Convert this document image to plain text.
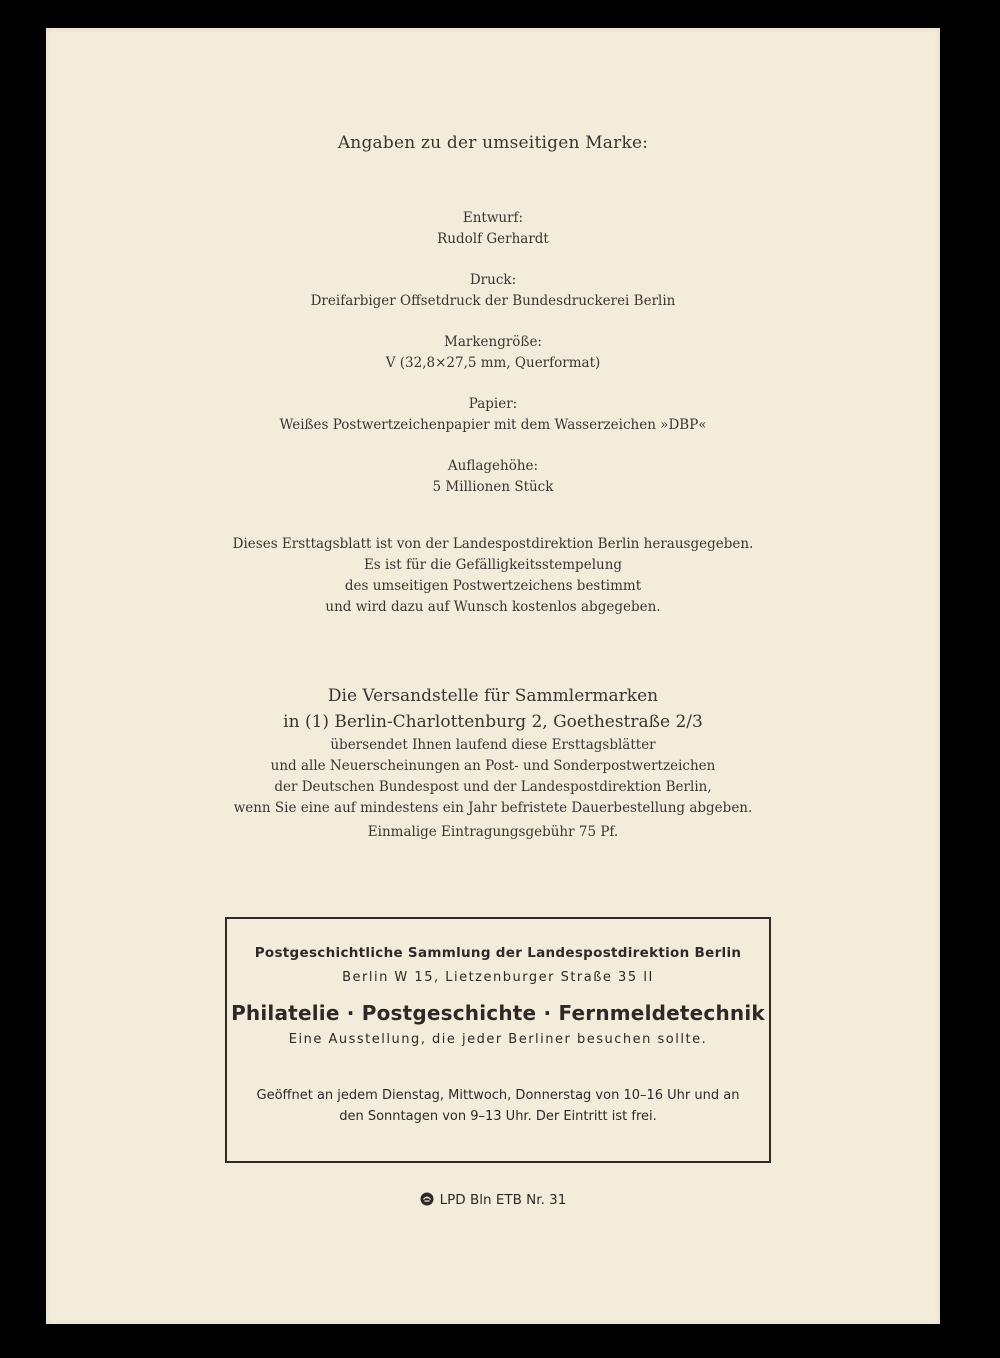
Angaben zu der umseitigen Marke:
Entwurf:
Rudolf Gerhardt
Druck:
Dreifarbiger Offsetdruck der Bundesdruckerei Berlin
Markengröße:
V (32,8×27,5 mm, Querformat)
Papier:
Weißes Postwertzeichenpapier mit dem Wasserzeichen »DBP«
Auflagehöhe:
5 Millionen Stück
Dieses Ersttagsblatt ist von der Landespostdirektion Berlin herausgegeben.
Es ist für die Gefälligkeitsstempelung
des umseitigen Postwertzeichens bestimmt
und wird dazu auf Wunsch kostenlos abgegeben.
Die Versandstelle für Sammlermarken
in (1) Berlin-Charlottenburg 2, Goethestraße 2/3
übersendet Ihnen laufend diese Ersttagsblätter
und alle Neuerscheinungen an Post- und Sonderpostwertzeichen
der Deutschen Bundespost und der Landespostdirektion Berlin,
wenn Sie eine auf mindestens ein Jahr befristete Dauerbestellung abgeben.
Einmalige Eintragungsgebühr 75 Pf.
Postgeschichtliche Sammlung der Landespostdirektion Berlin
Berlin W 15, Lietzenburger Straße 35 II
Philatelie · Postgeschichte · Fernmeldetechnik
Eine Ausstellung, die jeder Berliner besuchen sollte.
Geöffnet an jedem Dienstag, Mittwoch, Donnerstag von 10–16 Uhr und an
den Sonntagen von 9–13 Uhr. Der Eintritt ist frei.
LPD Bln ETB Nr. 31
